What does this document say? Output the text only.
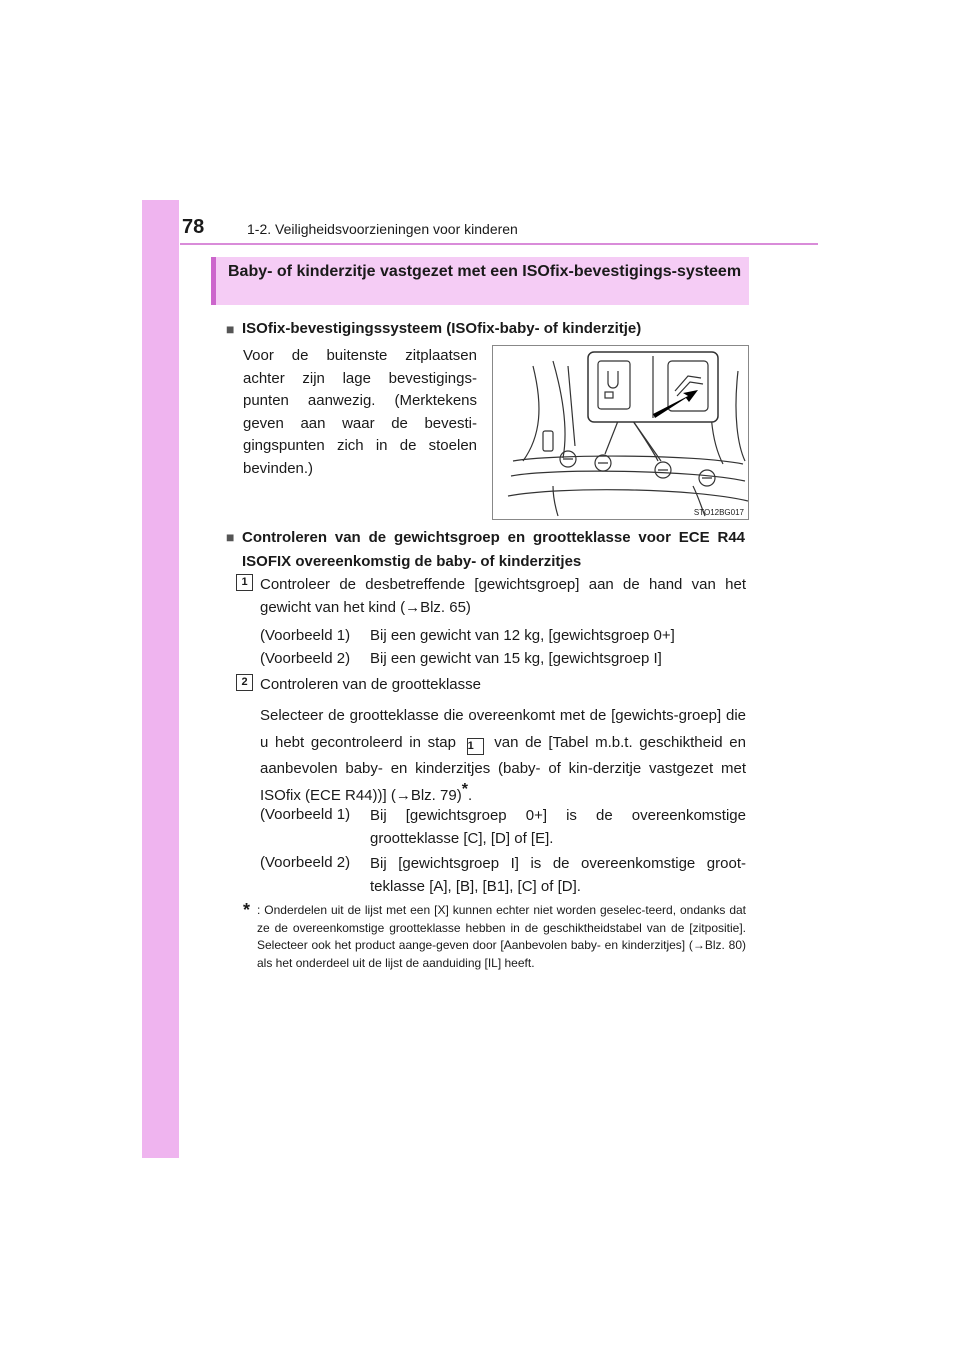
78	1-2. Veiligheidsvoorzieningen voor kinderen
Baby- of kinderzitje vastgezet met een ISOfix-bevestigings-systeem
■ ISOfix-bevestigingssysteem (ISOfix-baby- of kinderzitje)
Voor de buitenste zitplaatsen achter zijn lage bevestigings-punten aanwezig. (Merktekens geven aan waar de bevesti-gingspunten zich in de stoelen bevinden.)
STO12BG017
■ Controleren van de gewichtsgroep en grootteklasse voor ECE R44 ISOFIX overeenkomstig de baby- of kinderzitjes
1 Controleer de desbetreffende [gewichtsgroep] aan de hand van het gewicht van het kind (→Blz. 65)
(Voorbeeld 1) Bij een gewicht van 12 kg, [gewichtsgroep 0+]
(Voorbeeld 2) Bij een gewicht van 15 kg, [gewichtsgroep I]
2 Controleren van de grootteklasse
Selecteer de grootteklasse die overeenkomt met de [gewichts-groep] die u hebt gecontroleerd in stap 1 van de [Tabel m.b.t. geschiktheid en aanbevolen baby- en kinderzitjes (baby- of kin-derzitje vastgezet met ISOfix (ECE R44))] (→Blz. 79)*.
(Voorbeeld 1) Bij [gewichtsgroep 0+] is de overeenkomstige grootteklasse [C], [D] of [E].
(Voorbeeld 2) Bij [gewichtsgroep I] is de overeenkomstige groot-teklasse [A], [B], [B1], [C] of [D].
* : Onderdelen uit de lijst met een [X] kunnen echter niet worden geselec-teerd, ondanks dat ze de overeenkomstige grootteklasse hebben in de geschiktheidstabel van de [zitpositie]. Selecteer ook het product aange-geven door [Aanbevolen baby- en kinderzitjes] (→Blz. 80) als het onderdeel uit de lijst de aanduiding [IL] heeft.
